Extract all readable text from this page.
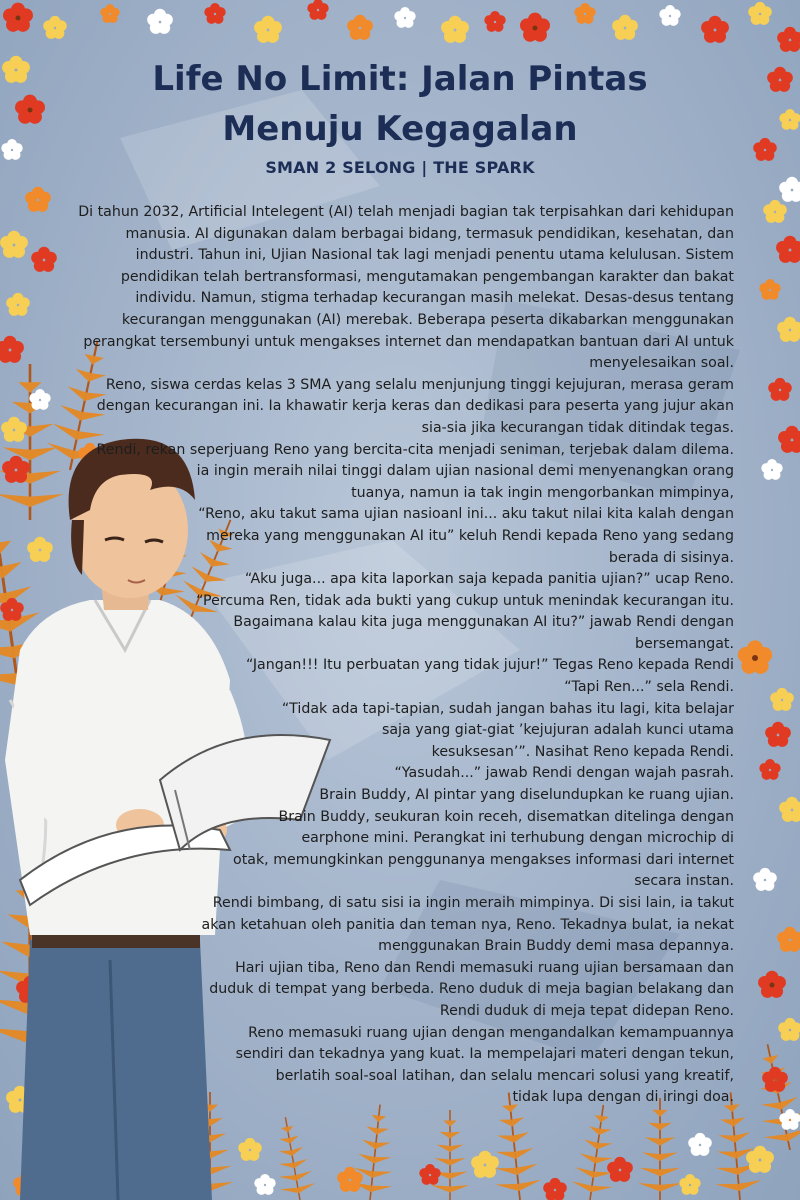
Life No Limit: Jalan Pintas
Menuju Kegagalan
SMAN 2 SELONG | THE SPARK
Di tahun 2032, Artificial Intelegent (AI) telah menjadi bagian tak terpisahkan dari kehidupan
manusia. AI digunakan dalam berbagai bidang, termasuk pendidikan, kesehatan, dan
industri. Tahun ini, Ujian Nasional tak lagi menjadi penentu utama kelulusan. Sistem
pendidikan telah bertransformasi, mengutamakan pengembangan karakter dan bakat
individu. Namun, stigma terhadap kecurangan masih melekat. Desas-desus tentang
kecurangan menggunakan (AI) merebak. Beberapa peserta dikabarkan menggunakan
perangkat tersembunyi untuk mengakses internet dan mendapatkan bantuan dari AI untuk
menyelesaikan soal.
Reno, siswa cerdas kelas 3 SMA yang selalu menjunjung tinggi kejujuran, merasa geram
dengan kecurangan ini. Ia khawatir kerja keras dan dedikasi para peserta yang jujur akan
sia-sia jika kecurangan tidak ditindak tegas.
Rendi, rekan seperjuang Reno yang bercita-cita menjadi seniman, terjebak dalam dilema.
ia ingin meraih nilai tinggi dalam ujian nasional demi menyenangkan orang
tuanya, namun ia tak ingin mengorbankan mimpinya,
“Reno, aku takut sama ujian nasioanl ini... aku takut nilai kita kalah dengan
mereka yang menggunakan AI itu” keluh Rendi kepada Reno yang sedang
berada di sisinya.
“Aku juga... apa kita laporkan saja kepada panitia ujian?” ucap Reno.
“Percuma Ren, tidak ada bukti yang cukup untuk menindak kecurangan itu.
Bagaimana kalau kita juga menggunakan AI itu?” jawab Rendi dengan
bersemangat.
“Jangan!!! Itu perbuatan yang tidak jujur!” Tegas Reno kepada Rendi
“Tapi Ren...” sela Rendi.
“Tidak ada tapi-tapian, sudah jangan bahas itu lagi, kita belajar
saja yang giat-giat ’kejujuran adalah kunci utama
kesuksesan’”. Nasihat Reno kepada Rendi.
“Yasudah...” jawab Rendi dengan wajah pasrah.
Brain Buddy, AI pintar yang diselundupkan ke ruang ujian.
Brain Buddy, seukuran koin receh, disematkan ditelinga dengan
earphone mini. Perangkat ini terhubung dengan microchip di
otak, memungkinkan penggunanya mengakses informasi dari internet
secara instan.
Rendi bimbang, di satu sisi ia ingin meraih mimpinya. Di sisi lain, ia takut
akan ketahuan oleh panitia dan teman nya, Reno. Tekadnya bulat, ia nekat
menggunakan Brain Buddy demi masa depannya.
Hari ujian tiba, Reno dan Rendi memasuki ruang ujian bersamaan dan
duduk di tempat yang berbeda. Reno duduk di meja bagian belakang dan
Rendi duduk di meja tepat didepan Reno.
Reno memasuki ruang ujian dengan mengandalkan kemampuannya
sendiri dan tekadnya yang kuat. Ia mempelajari materi dengan tekun,
berlatih soal-soal latihan, dan selalu mencari solusi yang kreatif,
tidak lupa dengan di iringi doa.
